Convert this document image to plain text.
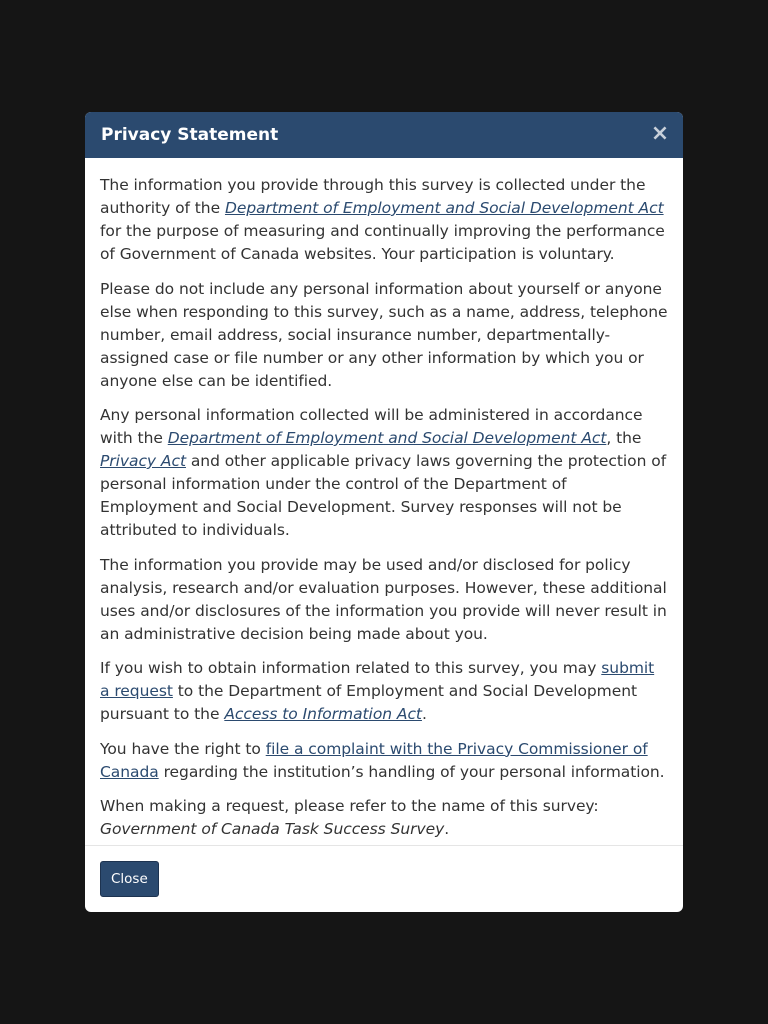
Privacy Statement	×

The information you provide through this survey is collected under the authority of the Department of Employment and Social Development Act for the purpose of measuring and continually improving the performance of Government of Canada websites. Your participation is voluntary.

Please do not include any personal information about yourself or anyone else when responding to this survey, such as a name, address, telephone number, email address, social insurance number, departmentally-assigned case or file number or any other information by which you or anyone else can be identified.

Any personal information collected will be administered in accordance with the Department of Employment and Social Development Act, the Privacy Act and other applicable privacy laws governing the protection of personal information under the control of the Department of Employment and Social Development. Survey responses will not be attributed to individuals.

The information you provide may be used and/or disclosed for policy analysis, research and/or evaluation purposes. However, these additional uses and/or disclosures of the information you provide will never result in an administrative decision being made about you.

If you wish to obtain information related to this survey, you may submit a request to the Department of Employment and Social Development pursuant to the Access to Information Act.

You have the right to file a complaint with the Privacy Commissioner of Canada regarding the institution’s handling of your personal information.

When making a request, please refer to the name of this survey:
Government of Canada Task Success Survey.

Close
